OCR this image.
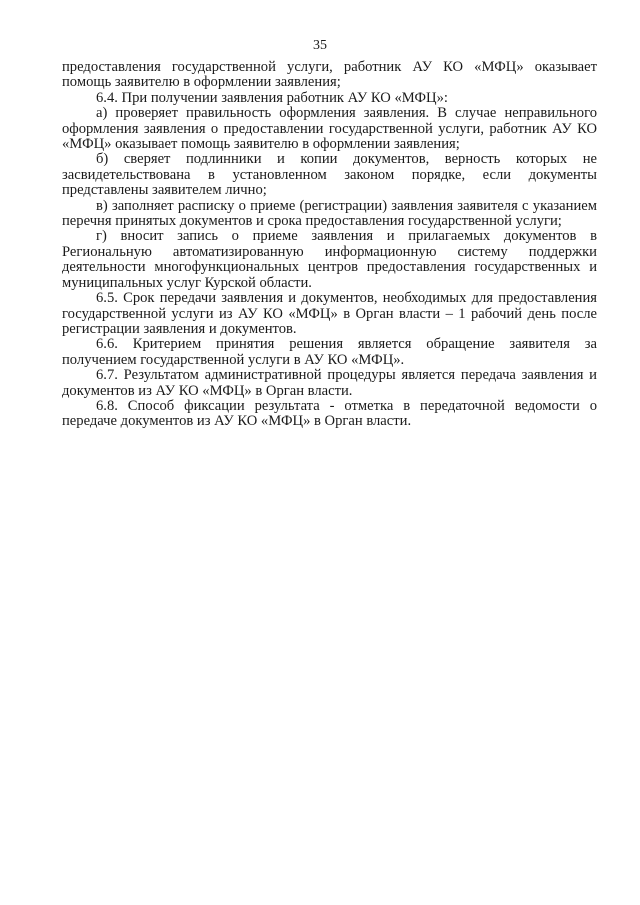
35

предоставления государственной услуги, работник АУ КО «МФЦ» оказывает помощь заявителю в оформлении заявления;

6.4. При получении заявления работник АУ КО «МФЦ»:

а) проверяет правильность оформления заявления. В случае неправильного оформления заявления о предоставлении государственной услуги, работник АУ КО «МФЦ» оказывает помощь заявителю в оформлении заявления;

б) сверяет подлинники и копии документов, верность которых не засвидетельствована в установленном законом порядке, если документы представлены заявителем лично;

в) заполняет расписку о приеме (регистрации) заявления заявителя с указанием перечня принятых документов и срока предоставления государственной услуги;

г) вносит запись о приеме заявления и прилагаемых документов в Региональную автоматизированную информационную систему поддержки деятельности многофункциональных центров предоставления государственных и муниципальных услуг Курской области.

6.5. Срок передачи заявления и документов, необходимых для предоставления государственной услуги из АУ КО «МФЦ» в Орган власти – 1 рабочий день после регистрации заявления и документов.

6.6. Критерием принятия решения является обращение заявителя за получением государственной услуги в АУ КО «МФЦ».

6.7. Результатом административной процедуры является передача заявления и документов из АУ КО «МФЦ» в Орган власти.

6.8. Способ фиксации результата - отметка в передаточной ведомости о передаче документов из АУ КО «МФЦ» в Орган власти.
